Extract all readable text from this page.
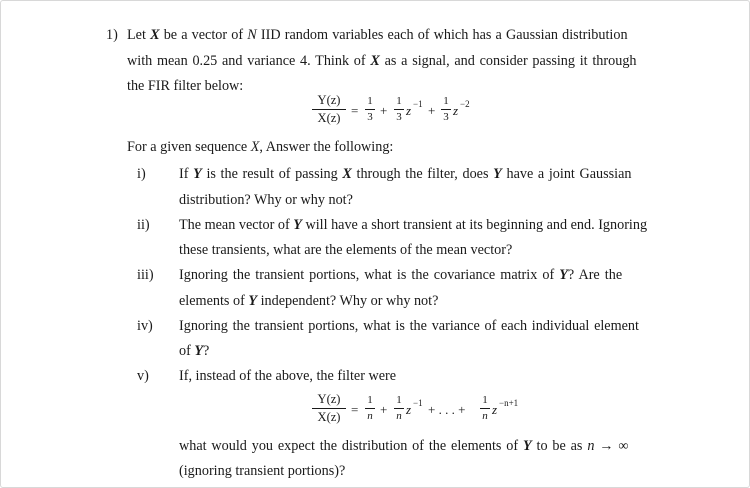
1) Let X be a vector of N IID random variables each of which has a Gaussian distribution
with mean 0.25 and variance 4. Think of X as a signal, and consider passing it through
the FIR filter below:
Y(z)
X(z) =
1
3 +
1
3 z −1 +
1
3 z −2
For a given sequence X, Answer the following:
i) If Y is the result of passing X through the filter, does Y have a joint Gaussian
distribution? Why or why not?
ii) The mean vector of Y will have a short transient at its beginning and end. Ignoring
these transients, what are the elements of the mean vector?
iii) Ignoring the transient portions, what is the covariance matrix of Y? Are the
elements of Y independent? Why or why not?
iv) Ignoring the transient portions, what is the variance of each individual element
of Y?
v) If, instead of the above, the filter were
Y(z)
X(z) =
1
n +
1
n z −1 + . . . +
1
n z −n+1
what would you expect the distribution of the elements of Y to be as n → ∞
(ignoring transient portions)?
